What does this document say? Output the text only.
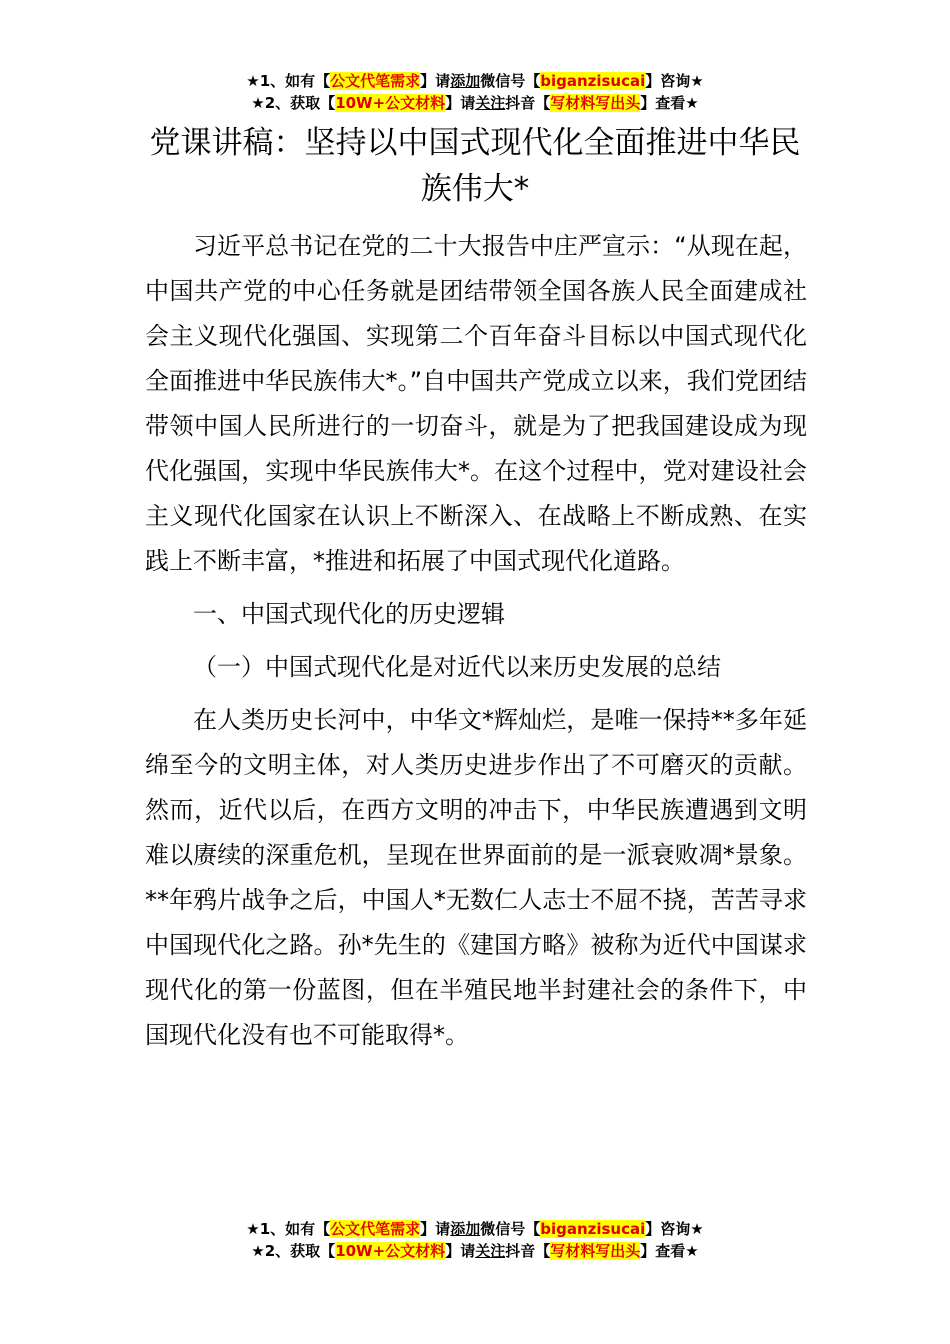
★1、如有【公文代笔需求】请添加微信号【biganzisucai】咨询★
★2、获取【10W+公文材料】请关注抖音【写材料写出头】查看★
党课讲稿：坚持以中国式现代化全面推进中华民族伟大*

习近平总书记在党的二十大报告中庄严宣示：“从现在起，中国共产党的中心任务就是团结带领全国各族人民全面建成社会主义现代化强国、实现第二个百年奋斗目标以中国式现代化全面推进中华民族伟大*。”自中国共产党成立以来，我们党团结带领中国人民所进行的一切奋斗，就是为了把我国建设成为现代化强国，实现中华民族伟大*。在这个过程中，党对建设社会主义现代化国家在认识上不断深入、在战略上不断成熟、在实践上不断丰富，*推进和拓展了中国式现代化道路。

一、中国式现代化的历史逻辑

（一）中国式现代化是对近代以来历史发展的总结

在人类历史长河中，中华文*辉灿烂，是唯一保持**多年延绵至今的文明主体，对人类历史进步作出了不可磨灭的贡献。然而，近代以后，在西方文明的冲击下，中华民族遭遇到文明难以赓续的深重危机，呈现在世界面前的是一派衰败凋*景象。**年鸦片战争之后，中国人*无数仁人志士不屈不挠，苦苦寻求中国现代化之路。孙*先生的《建国方略》被称为近代中国谋求现代化的第一份蓝图，但在半殖民地半封建社会的条件下，中国现代化没有也不可能取得*。

★1、如有【公文代笔需求】请添加微信号【biganzisucai】咨询★
★2、获取【10W+公文材料】请关注抖音【写材料写出头】查看★
